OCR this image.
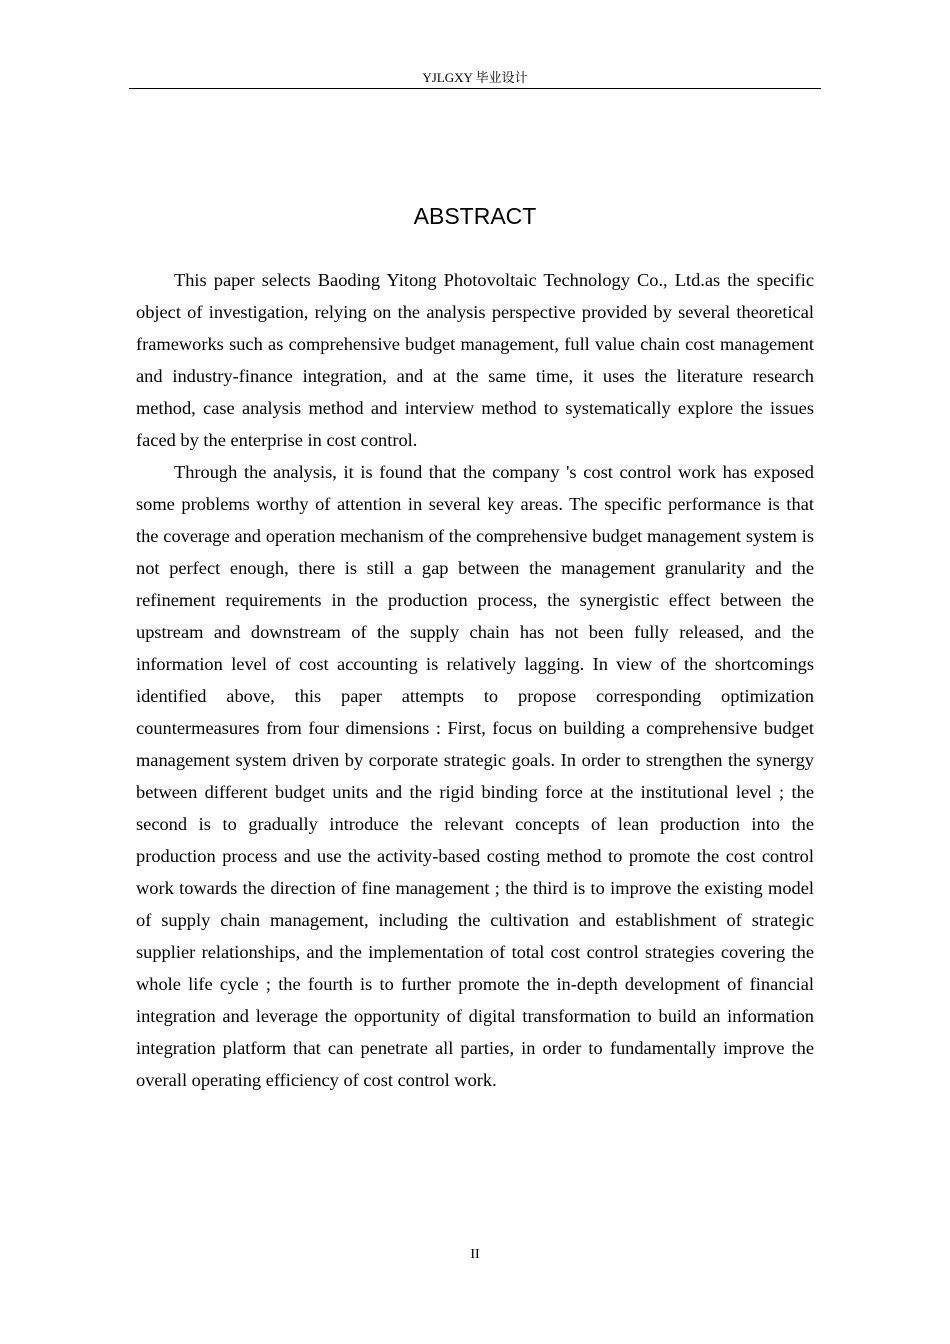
YJLGXY 毕业设计
ABSTRACT

This paper selects Baoding Yitong Photovoltaic Technology Co., Ltd.as the specific object of investigation, relying on the analysis perspective provided by several theoretical frameworks such as comprehensive budget management, full value chain cost management and industry-finance integration, and at the same time, it uses the literature research method, case analysis method and interview method to systematically explore the issues faced by the enterprise in cost control.

Through the analysis, it is found that the company 's cost control work has exposed some problems worthy of attention in several key areas. The specific performance is that the coverage and operation mechanism of the comprehensive budget management system is not perfect enough, there is still a gap between the management granularity and the refinement requirements in the production process, the synergistic effect between the upstream and downstream of the supply chain has not been fully released, and the information level of cost accounting is relatively lagging. In view of the shortcomings identified above, this paper attempts to propose corresponding optimization countermeasures from four dimensions : First, focus on building a comprehensive budget management system driven by corporate strategic goals. In order to strengthen the synergy between different budget units and the rigid binding force at the institutional level ; the second is to gradually introduce the relevant concepts of lean production into the production process and use the activity-based costing method to promote the cost control work towards the direction of fine management ; the third is to improve the existing model of supply chain management, including the cultivation and establishment of strategic supplier relationships, and the implementation of total cost control strategies covering the whole life cycle ; the fourth is to further promote the in-depth development of financial integration and leverage the opportunity of digital transformation to build an information integration platform that can penetrate all parties, in order to fundamentally improve the overall operating efficiency of cost control work.

II
